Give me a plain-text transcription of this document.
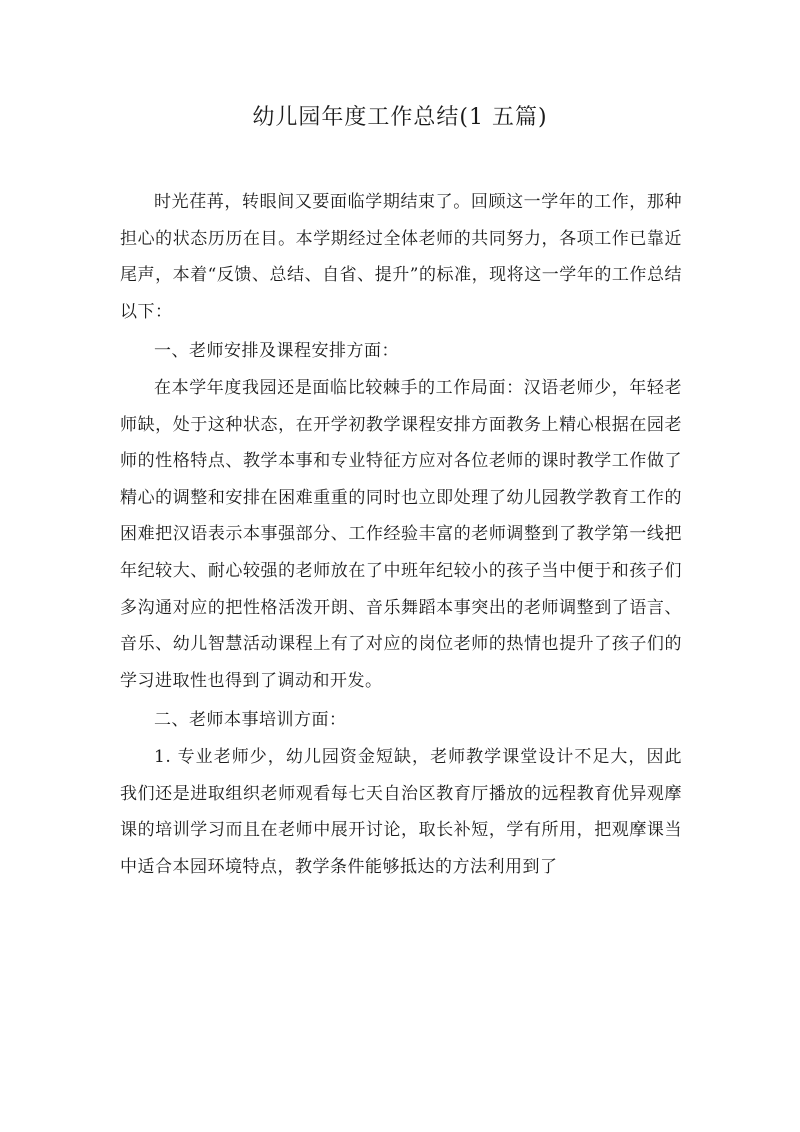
幼儿园年度工作总结(1 五篇)

时光荏苒，转眼间又要面临学期结束了。回顾这一学年的工作，那种担心的状态历历在目。本学期经过全体老师的共同努力，各项工作已靠近尾声，本着“反馈、总结、自省、提升”的标准，现将这一学年的工作总结以下：

一、老师安排及课程安排方面：

在本学年度我园还是面临比较棘手的工作局面：汉语老师少，年轻老师缺，处于这种状态，在开学初教学课程安排方面教务上精心根据在园老师的性格特点、教学本事和专业特征方应对各位老师的课时教学工作做了精心的调整和安排在困难重重的同时也立即处理了幼儿园教学教育工作的困难把汉语表示本事强部分、工作经验丰富的老师调整到了教学第一线把年纪较大、耐心较强的老师放在了中班年纪较小的孩子当中便于和孩子们多沟通对应的把性格活泼开朗、音乐舞蹈本事突出的老师调整到了语言、音乐、幼儿智慧活动课程上有了对应的岗位老师的热情也提升了孩子们的学习进取性也得到了调动和开发。

二、老师本事培训方面：

1. 专业老师少，幼儿园资金短缺，老师教学课堂设计不足大，因此我们还是进取组织老师观看每七天自治区教育厅播放的远程教育优异观摩课的培训学习而且在老师中展开讨论，取长补短，学有所用，把观摩课当中适合本园环境特点，教学条件能够抵达的方法利用到了
